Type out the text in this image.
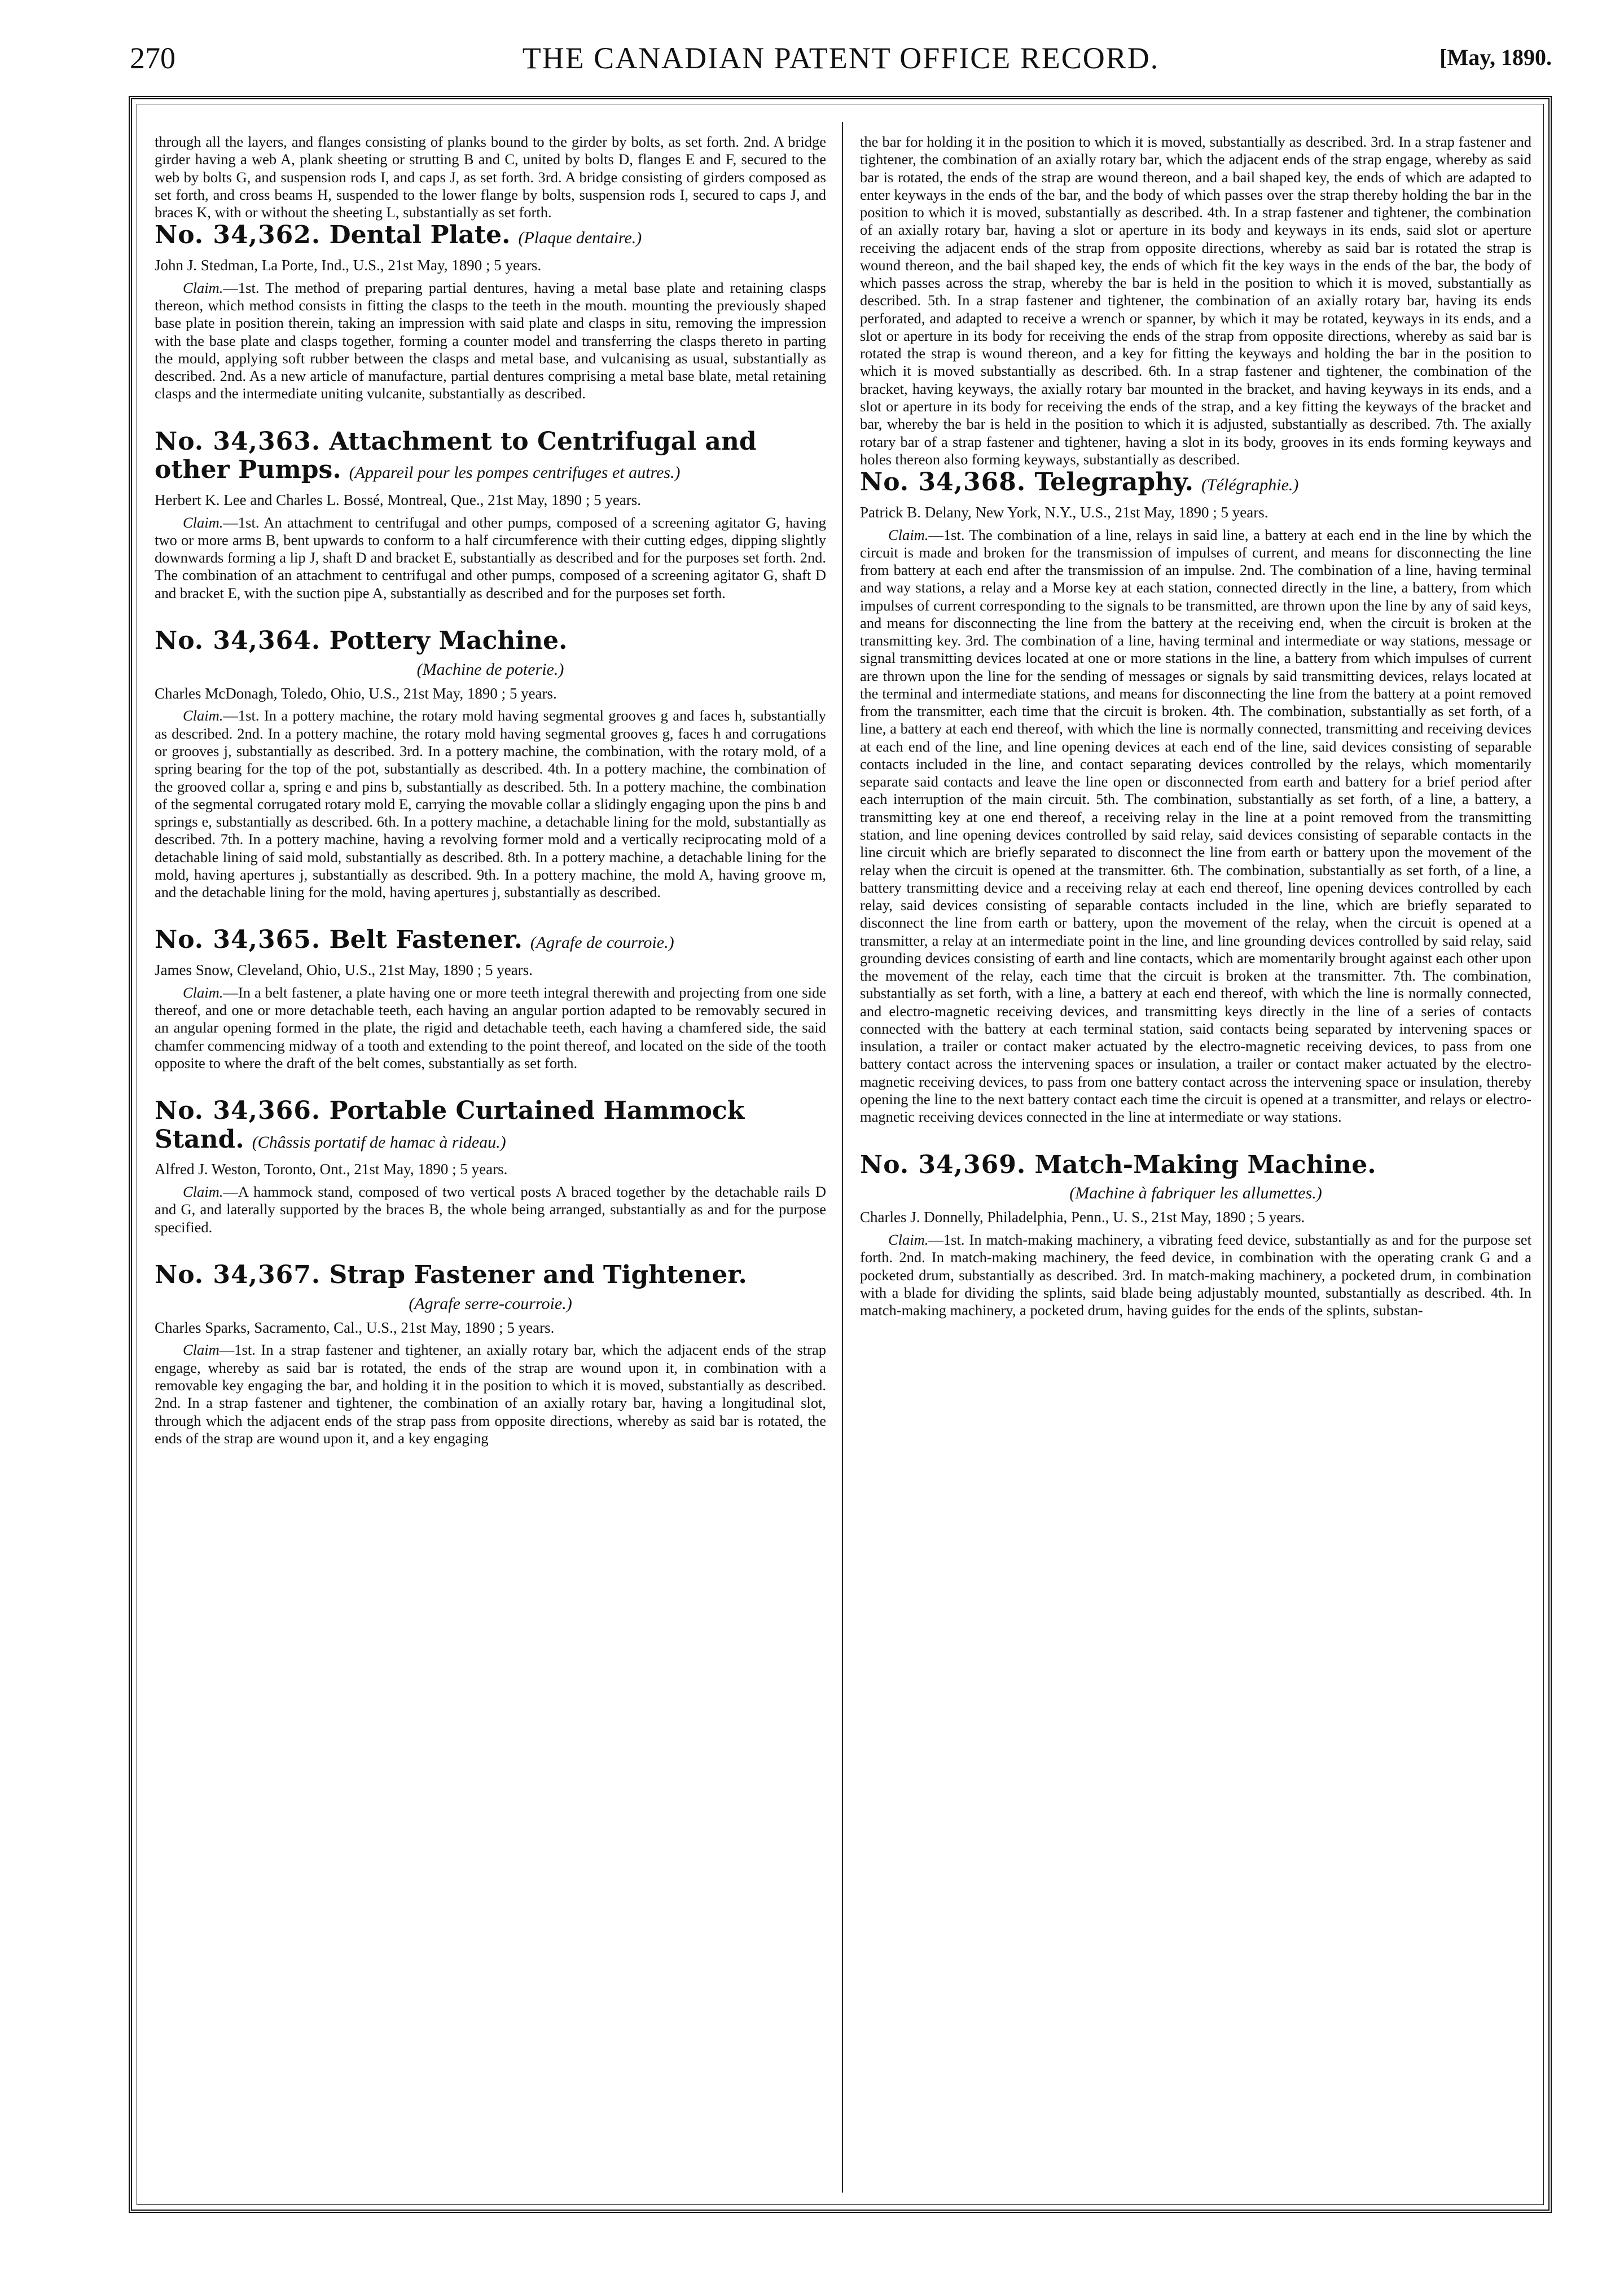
270	THE CANADIAN PATENT OFFICE RECORD.	[May, 1890.

through all the layers, and flanges consisting of planks bound to the girder by bolts, as set forth. 2nd. A bridge girder having a web A, plank sheeting or strutting B and C, united by bolts D, flanges E and F, secured to the web by bolts G, and suspension rods I, and caps J, as set forth. 3rd. A bridge consisting of girders composed as set forth, and cross beams H, suspended to the lower flange by bolts, suspension rods I, secured to caps J, and braces K, with or without the sheeting L, substantially as set forth.

No. 34,362. Dental Plate. (Plaque dentaire.)

John J. Stedman, La Porte, Ind., U.S., 21st May, 1890 ; 5 years.

Claim.—1st. The method of preparing partial dentures, having a metal base plate and retaining clasps thereon, which method consists in fitting the clasps to the teeth in the mouth. mounting the previously shaped base plate in position therein, taking an impression with said plate and clasps in situ, removing the impression with the base plate and clasps together, forming a counter model and transferring the clasps thereto in parting the mould, applying soft rubber between the clasps and metal base, and vulcanising as usual, substantially as described. 2nd. As a new article of manufacture, partial dentures comprising a metal base blate, metal retaining clasps and the intermediate uniting vulcanite, substantially as described.

No. 34,363. Attachment to Centrifugal and other Pumps. (Appareil pour les pompes centrifuges et autres.)

Herbert K. Lee and Charles L. Bossé, Montreal, Que., 21st May, 1890 ; 5 years.

Claim.—1st. An attachment to centrifugal and other pumps, composed of a screening agitator G, having two or more arms B, bent upwards to conform to a half circumference with their cutting edges, dipping slightly downwards forming a lip J, shaft D and bracket E, substantially as described and for the purposes set forth. 2nd. The combination of an attachment to centrifugal and other pumps, composed of a screening agitator G, shaft D and bracket E, with the suction pipe A, substantially as described and for the purposes set forth.

No. 34,364. Pottery Machine.
(Machine de poterie.)

Charles McDonagh, Toledo, Ohio, U.S., 21st May, 1890 ; 5 years.

Claim.—1st. In a pottery machine, the rotary mold having segmental grooves g and faces h, substantially as described. 2nd. In a pottery machine, the rotary mold having segmental grooves g, faces h and corrugations or grooves j, substantially as described. 3rd. In a pottery machine, the combination, with the rotary mold, of a spring bearing for the top of the pot, substantially as described. 4th. In a pottery machine, the combination of the grooved collar a, spring e and pins b, substantially as described. 5th. In a pottery machine, the combination of the segmental corrugated rotary mold E, carrying the movable collar a slidingly engaging upon the pins b and springs e, substantially as described. 6th. In a pottery machine, a detachable lining for the mold, substantially as described. 7th. In a pottery machine, having a revolving former mold and a vertically reciprocating mold of a detachable lining of said mold, substantially as described. 8th. In a pottery machine, a detachable lining for the mold, having apertures j, substantially as described. 9th. In a pottery machine, the mold A, having groove m, and the detachable lining for the mold, having apertures j, substantially as described.

No. 34,365. Belt Fastener. (Agrafe de courroie.)

James Snow, Cleveland, Ohio, U.S., 21st May, 1890 ; 5 years.

Claim.—In a belt fastener, a plate having one or more teeth integral therewith and projecting from one side thereof, and one or more detachable teeth, each having an angular portion adapted to be removably secured in an angular opening formed in the plate, the rigid and detachable teeth, each having a chamfered side, the said chamfer commencing midway of a tooth and extending to the point thereof, and located on the side of the tooth opposite to where the draft of the belt comes, substantially as set forth.

No. 34,366. Portable Curtained Hammock Stand. (Châssis portatif de hamac à rideau.)

Alfred J. Weston, Toronto, Ont., 21st May, 1890 ; 5 years.

Claim.—A hammock stand, composed of two vertical posts A braced together by the detachable rails D and G, and laterally supported by the braces B, the whole being arranged, substantially as and for the purpose specified.

No. 34,367. Strap Fastener and Tightener.
(Agrafe serre-courroie.)

Charles Sparks, Sacramento, Cal., U.S., 21st May, 1890 ; 5 years.

Claim—1st. In a strap fastener and tightener, an axially rotary bar, which the adjacent ends of the strap engage, whereby as said bar is rotated, the ends of the strap are wound upon it, in combination with a removable key engaging the bar, and holding it in the position to which it is moved, substantially as described. 2nd. In a strap fastener and tightener, the combination of an axially rotary bar, having a longitudinal slot, through which the adjacent ends of the strap pass from opposite directions, whereby as said bar is rotated, the ends of the strap are wound upon it, and a key engaging

the bar for holding it in the position to which it is moved, substantially as described. 3rd. In a strap fastener and tightener, the combination of an axially rotary bar, which the adjacent ends of the strap engage, whereby as said bar is rotated, the ends of the strap are wound thereon, and a bail shaped key, the ends of which are adapted to enter keyways in the ends of the bar, and the body of which passes over the strap thereby holding the bar in the position to which it is moved, substantially as described. 4th. In a strap fastener and tightener, the combination of an axially rotary bar, having a slot or aperture in its body and keyways in its ends, said slot or aperture receiving the adjacent ends of the strap from opposite directions, whereby as said bar is rotated the strap is wound thereon, and the bail shaped key, the ends of which fit the key ways in the ends of the bar, the body of which passes across the strap, whereby the bar is held in the position to which it is moved, substantially as described. 5th. In a strap fastener and tightener, the combination of an axially rotary bar, having its ends perforated, and adapted to receive a wrench or spanner, by which it may be rotated, keyways in its ends, and a slot or aperture in its body for receiving the ends of the strap from opposite directions, whereby as said bar is rotated the strap is wound thereon, and a key for fitting the keyways and holding the bar in the position to which it is moved substantially as described. 6th. In a strap fastener and tightener, the combination of the bracket, having keyways, the axially rotary bar mounted in the bracket, and having keyways in its ends, and a slot or aperture in its body for receiving the ends of the strap, and a key fitting the keyways of the bracket and bar, whereby the bar is held in the position to which it is adjusted, substantially as described. 7th. The axially rotary bar of a strap fastener and tightener, having a slot in its body, grooves in its ends forming keyways and holes thereon also forming keyways, substantially as described.

No. 34,368. Telegraphy. (Télégraphie.)

Patrick B. Delany, New York, N.Y., U.S., 21st May, 1890 ; 5 years.

Claim.—1st. The combination of a line, relays in said line, a battery at each end in the line by which the circuit is made and broken for the transmission of impulses of current, and means for disconnecting the line from battery at each end after the transmission of an impulse. 2nd. The combination of a line, having terminal and way stations, a relay and a Morse key at each station, connected directly in the line, a battery, from which impulses of current corresponding to the signals to be transmitted, are thrown upon the line by any of said keys, and means for disconnecting the line from the battery at the receiving end, when the circuit is broken at the transmitting key. 3rd. The combination of a line, having terminal and intermediate or way stations, message or signal transmitting devices located at one or more stations in the line, a battery from which impulses of current are thrown upon the line for the sending of messages or signals by said transmitting devices, relays located at the terminal and intermediate stations, and means for disconnecting the line from the battery at a point removed from the transmitter, each time that the circuit is broken. 4th. The combination, substantially as set forth, of a line, a battery at each end thereof, with which the line is normally connected, transmitting and receiving devices at each end of the line, and line opening devices at each end of the line, said devices consisting of separable contacts included in the line, and contact separating devices controlled by the relays, which momentarily separate said contacts and leave the line open or disconnected from earth and battery for a brief period after each interruption of the main circuit. 5th. The combination, substantially as set forth, of a line, a battery, a transmitting key at one end thereof, a receiving relay in the line at a point removed from the transmitting station, and line opening devices controlled by said relay, said devices consisting of separable contacts in the line circuit which are briefly separated to disconnect the line from earth or battery upon the movement of the relay when the circuit is opened at the transmitter. 6th. The combination, substantially as set forth, of a line, a battery transmitting device and a receiving relay at each end thereof, line opening devices controlled by each relay, said devices consisting of separable contacts included in the line, which are briefly separated to disconnect the line from earth or battery, upon the movement of the relay, when the circuit is opened at a transmitter, a relay at an intermediate point in the line, and line grounding devices controlled by said relay, said grounding devices consisting of earth and line contacts, which are momentarily brought against each other upon the movement of the relay, each time that the circuit is broken at the transmitter. 7th. The combination, substantially as set forth, with a line, a battery at each end thereof, with which the line is normally connected, and electro-magnetic receiving devices, and transmitting keys directly in the line of a series of contacts connected with the battery at each terminal station, said contacts being separated by intervening spaces or insulation, a trailer or contact maker actuated by the electro-magnetic receiving devices, to pass from one battery contact across the intervening spaces or insulation, a trailer or contact maker actuated by the electro-magnetic receiving devices, to pass from one battery contact across the intervening space or insulation, thereby opening the line to the next battery contact each time the circuit is opened at a transmitter, and relays or electro-magnetic receiving devices connected in the line at intermediate or way stations.

No. 34,369. Match-Making Machine.
(Machine à fabriquer les allumettes.)

Charles J. Donnelly, Philadelphia, Penn., U. S., 21st May, 1890 ; 5 years.

Claim.—1st. In match-making machinery, a vibrating feed device, substantially as and for the purpose set forth. 2nd. In match-making machinery, the feed device, in combination with the operating crank G and a pocketed drum, substantially as described. 3rd. In match-making machinery, a pocketed drum, in combination with a blade for dividing the splints, said blade being adjustably mounted, substantially as described. 4th. In match-making machinery, a pocketed drum, having guides for the ends of the splints, substan-
